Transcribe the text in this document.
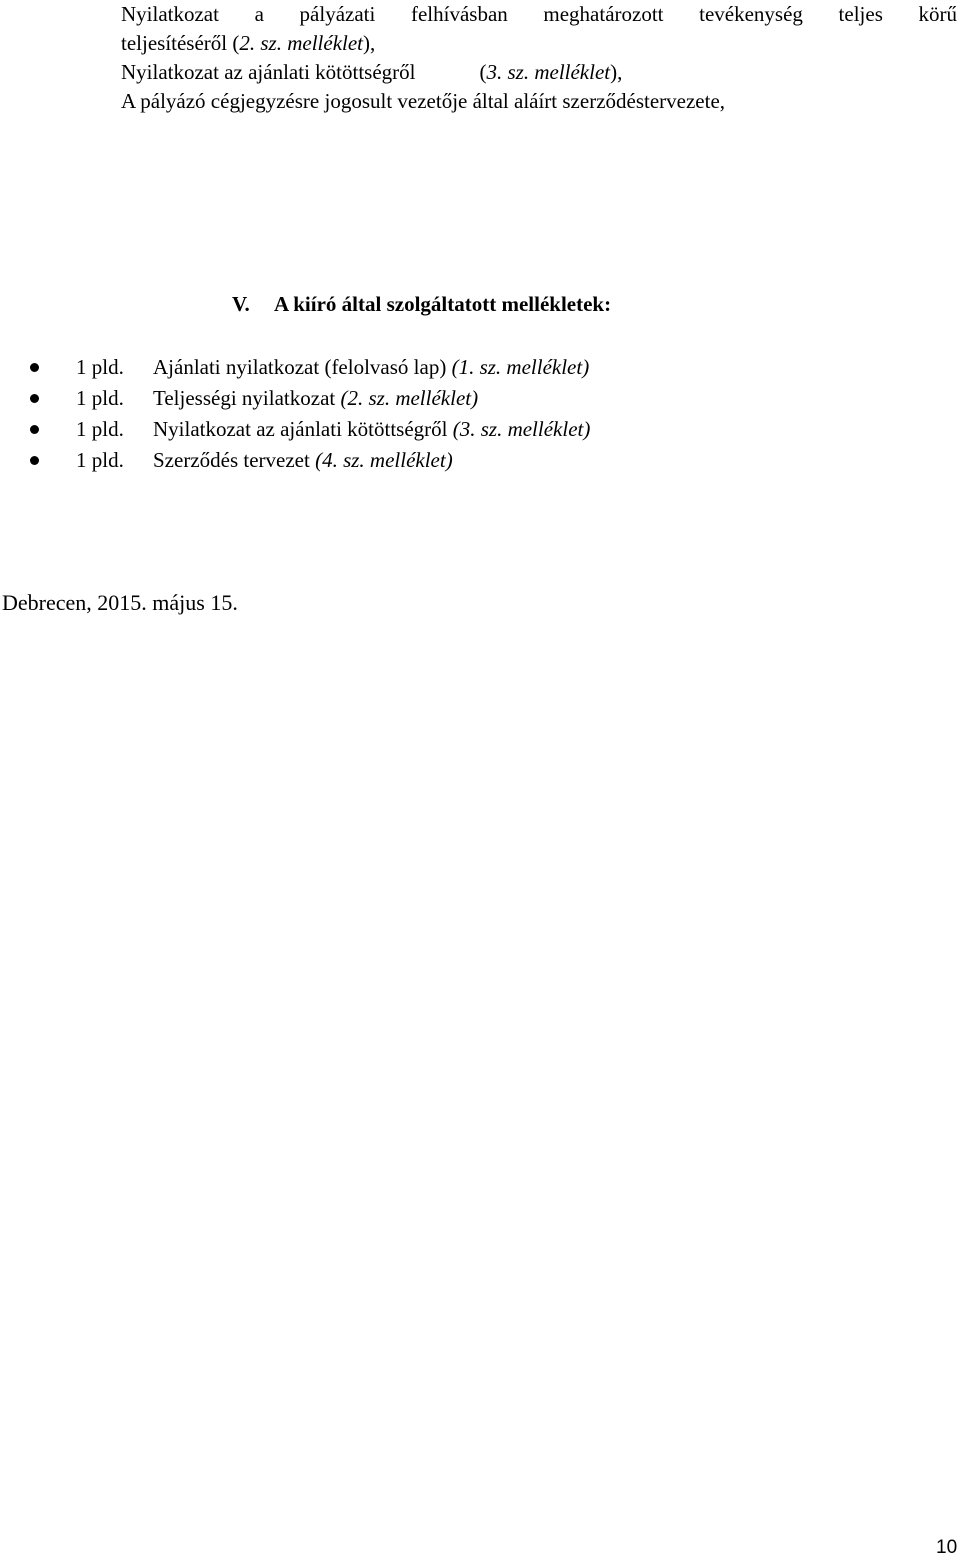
Nyilatkozat a pályázati felhívásban meghatározott tevékenység teljes körű
teljesítéséről (2. sz. melléklet),
Nyilatkozat az ajánlati kötöttségről	(3. sz. melléklet),
A pályázó cégjegyzésre jogosult vezetője által aláírt szerződéstervezete,
V. A kiíró által szolgáltatott mellékletek:
1 pld. Ajánlati nyilatkozat (felolvasó lap) (1. sz. melléklet)
1 pld. Teljességi nyilatkozat (2. sz. melléklet)
1 pld. Nyilatkozat az ajánlati kötöttségről (3. sz. melléklet)
1 pld. Szerződés tervezet (4. sz. melléklet)
Debrecen, 2015. május 15.
10
